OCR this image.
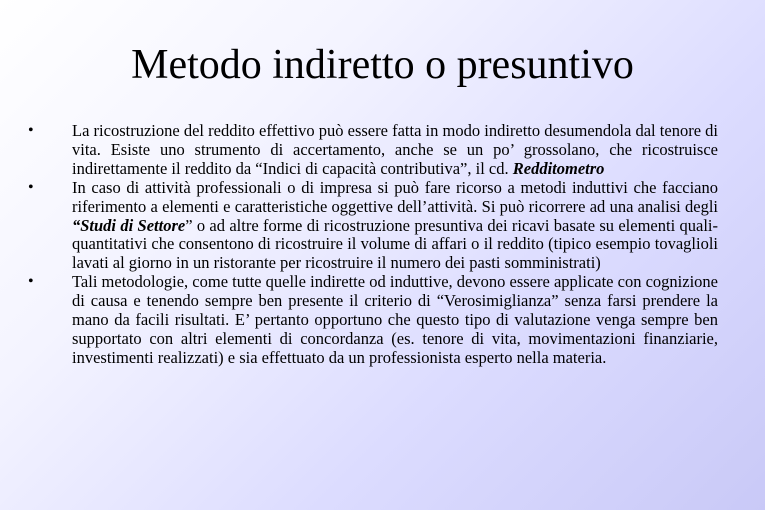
Metodo indiretto o presuntivo
•	La ricostruzione del reddito effettivo può essere fatta in modo indiretto desumendola dal tenore di vita. Esiste uno strumento di accertamento, anche se un po’ grossolano, che ricostruisce indirettamente il reddito da “Indici di capacità contributiva”, il cd. Redditometro
•	In caso di attività professionali o di impresa si può fare ricorso a metodi induttivi che facciano riferimento a elementi e caratteristiche oggettive dell’attività. Si può ricorrere ad una analisi degli “Studi di Settore” o ad altre forme di ricostruzione presuntiva dei ricavi basate su elementi quali-quantitativi che consentono di ricostruire il volume di affari o il reddito (tipico esempio tovaglioli lavati al giorno in un ristorante per ricostruire il numero dei pasti somministrati)
•	Tali metodologie, come tutte quelle indirette od induttive, devono essere applicate con cognizione di causa e tenendo sempre ben presente il criterio di “Verosimiglianza” senza farsi prendere la mano da facili risultati. E’ pertanto opportuno che questo tipo di valutazione venga sempre ben supportato con altri elementi di concordanza (es. tenore di vita, movimentazioni finanziarie, investimenti realizzati) e sia effettuato da un professionista esperto nella materia.
